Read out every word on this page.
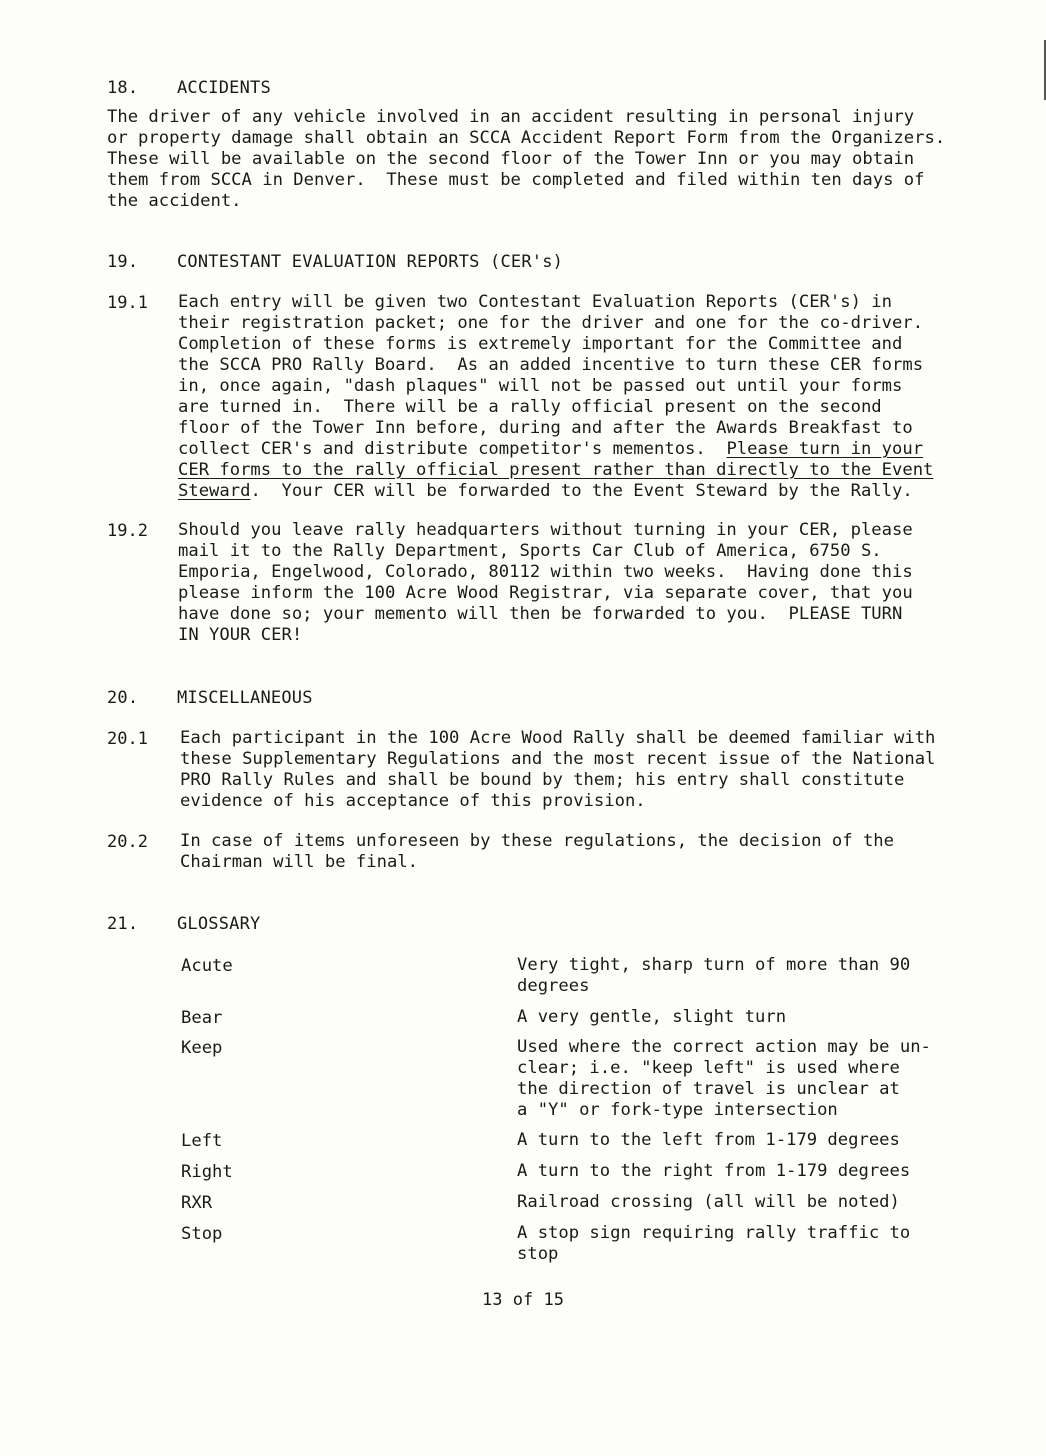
18. ACCIDENTS
The driver of any vehicle involved in an accident resulting in personal injury
or property damage shall obtain an SCCA Accident Report Form from the Organizers.
These will be available on the second floor of the Tower Inn or you may obtain
them from SCCA in Denver.  These must be completed and filed within ten days of
the accident.
19. CONTESTANT EVALUATION REPORTS (CER's)
19.1 Each entry will be given two Contestant Evaluation Reports (CER's) in
their registration packet; one for the driver and one for the co-driver.
Completion of these forms is extremely important for the Committee and
the SCCA PRO Rally Board.  As an added incentive to turn these CER forms
in, once again, "dash plaques" will not be passed out until your forms
are turned in.  There will be a rally official present on the second
floor of the Tower Inn before, during and after the Awards Breakfast to
collect CER's and distribute competitor's mementos.  Please turn in your
CER forms to the rally official present rather than directly to the Event
Steward.  Your CER will be forwarded to the Event Steward by the Rally.
19.2 Should you leave rally headquarters without turning in your CER, please
mail it to the Rally Department, Sports Car Club of America, 6750 S.
Emporia, Engelwood, Colorado, 80112 within two weeks.  Having done this
please inform the 100 Acre Wood Registrar, via separate cover, that you
have done so; your memento will then be forwarded to you.  PLEASE TURN
IN YOUR CER!
20. MISCELLANEOUS
20.1 Each participant in the 100 Acre Wood Rally shall be deemed familiar with
these Supplementary Regulations and the most recent issue of the National
PRO Rally Rules and shall be bound by them; his entry shall constitute
evidence of his acceptance of this provision.
20.2 In case of items unforeseen by these regulations, the decision of the
Chairman will be final.
21. GLOSSARY
Acute	Very tight, sharp turn of more than 90
degrees
Bear	A very gentle, slight turn
Keep	Used where the correct action may be un-
clear; i.e. "keep left" is used where
the direction of travel is unclear at
a "Y" or fork-type intersection
Left	A turn to the left from 1-179 degrees
Right	A turn to the right from 1-179 degrees
RXR	Railroad crossing (all will be noted)
Stop	A stop sign requiring rally traffic to
stop
13 of 15
